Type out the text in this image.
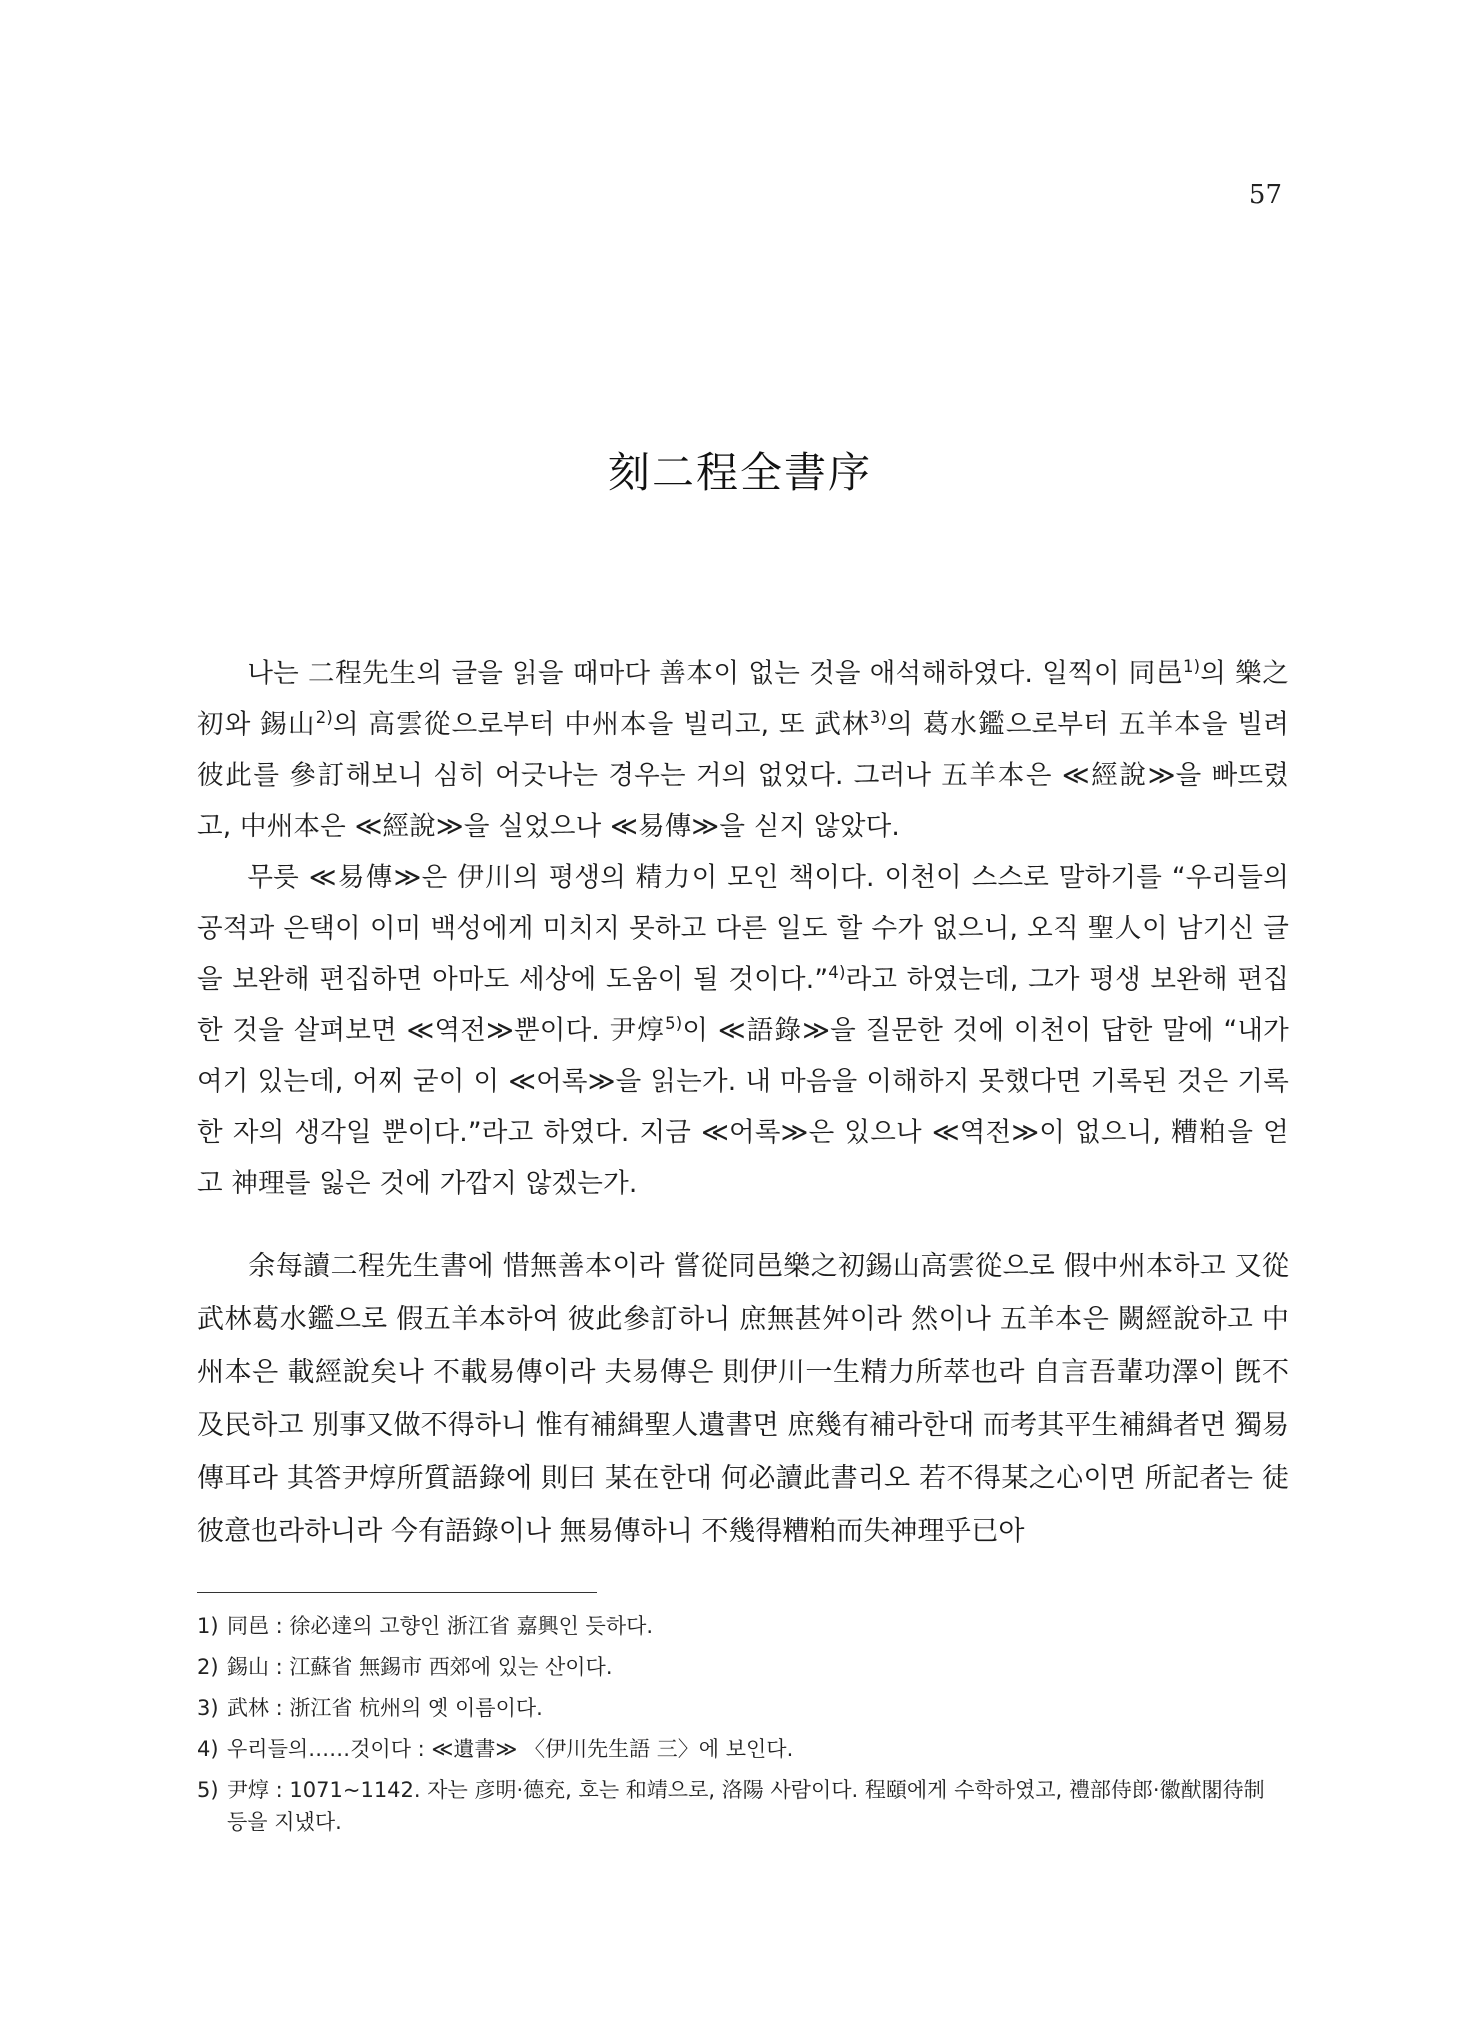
57
刻二程全書序

나는 二程先生의 글을 읽을 때마다 善本이 없는 것을 애석해하였다. 일찍이 同邑$^{1)}$의 樂之初와 錫山$^{2)}$의 高雲從으로부터 中州本을 빌리고, 또 武林$^{3)}$의 葛水鑑으로부터 五羊本을 빌려 彼此를 參訂해보니 심히 어긋나는 경우는 거의 없었다. 그러나 五羊本은 ≪經說≫을 빠뜨렸고, 中州本은 ≪經說≫을 실었으나 ≪易傳≫을 싣지 않았다.

무릇 ≪易傳≫은 伊川의 평생의 精力이 모인 책이다. 이천이 스스로 말하기를 “우리들의 공적과 은택이 이미 백성에게 미치지 못하고 다른 일도 할 수가 없으니, 오직 聖人이 남기신 글을 보완해 편집하면 아마도 세상에 도움이 될 것이다.”$^{4)}$라고 하였는데, 그가 평생 보완해 편집한 것을 살펴보면 ≪역전≫뿐이다. 尹焞$^{5)}$이 ≪語錄≫을 질문한 것에 이천이 답한 말에 “내가 여기 있는데, 어찌 굳이 이 ≪어록≫을 읽는가. 내 마음을 이해하지 못했다면 기록된 것은 기록한 자의 생각일 뿐이다.”라고 하였다. 지금 ≪어록≫은 있으나 ≪역전≫이 없으니, 糟粕을 얻고 神理를 잃은 것에 가깝지 않겠는가.

余每讀二程先生書에 惜無善本이라 嘗從同邑樂之初錫山高雲從으로 假中州本하고 又從武林葛水鑑으로 假五羊本하여 彼此參訂하니 庶無甚舛이라 然이나 五羊本은 闕經說하고 中州本은 載經說矣나 不載易傳이라 夫易傳은 則伊川一生精力所萃也라 自言吾輩功澤이 旣不及民하고 別事又做不得하니 惟有補緝聖人遺書면 庶幾有補라한대 而考其平生補緝者면 獨易傳耳라 其答尹焞所質語錄에 則曰 某在한대 何必讀此書리오 若不得某之心이면 所記者는 徒彼意也라하니라 今有語錄이나 無易傳하니 不幾得糟粕而失神理乎已아

1) 同邑 : 徐必達의 고향인 浙江省 嘉興인 듯하다.
2) 錫山 : 江蘇省 無錫市 西郊에 있는 산이다.
3) 武林 : 浙江省 杭州의 옛 이름이다.
4) 우리들의……것이다 : ≪遺書≫ 〈伊川先生語 三〉에 보인다.
5) 尹焞 : 1071~1142. 자는 彦明·德充, 호는 和靖으로, 洛陽 사람이다. 程頤에게 수학하였고, 禮部侍郎·徽猷閣待制 등을 지냈다.
